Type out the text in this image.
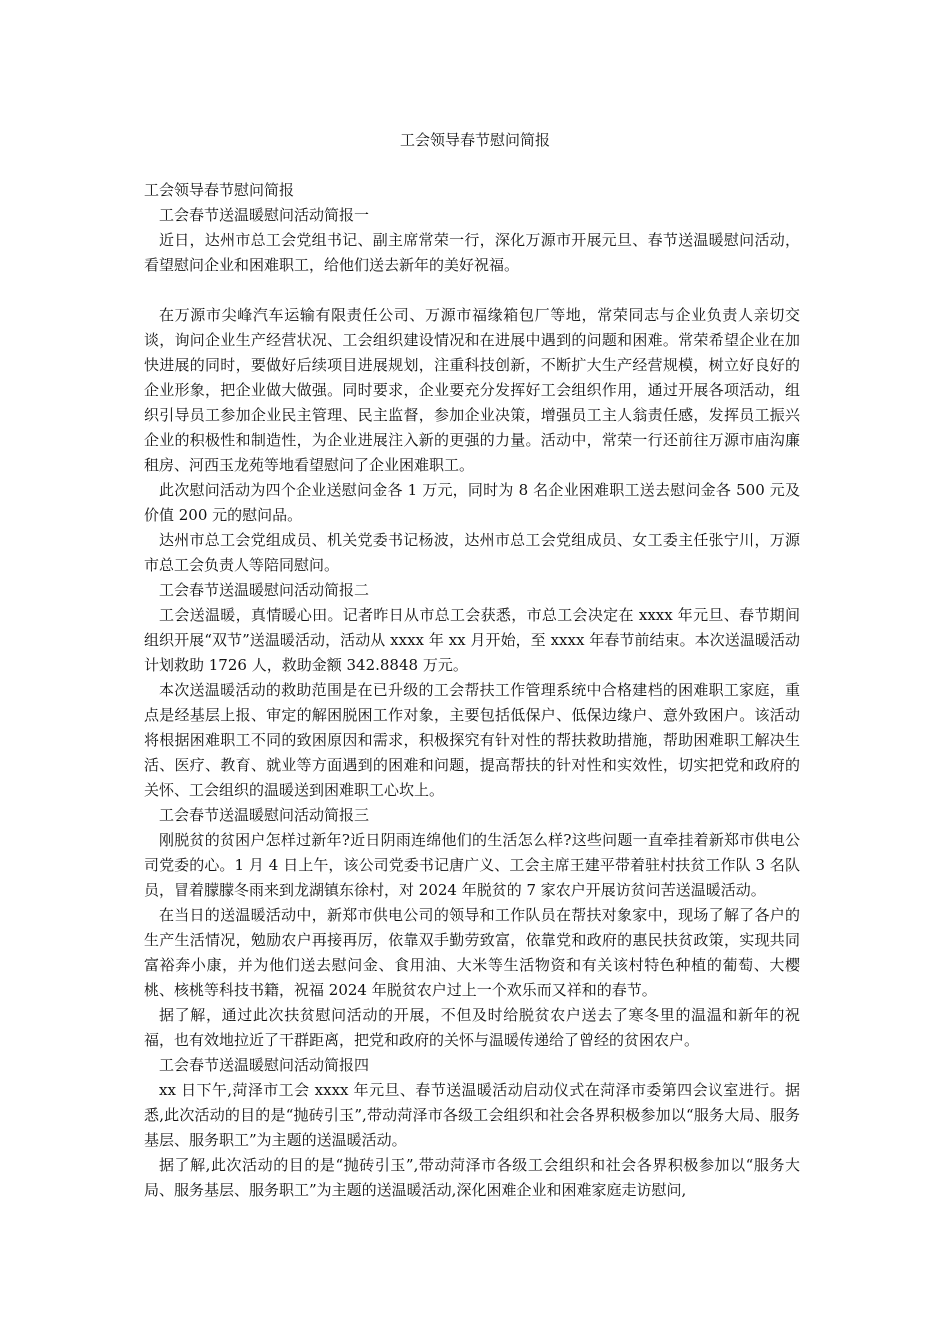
工会领导春节慰问简报

工会领导春节慰问简报

工会春节送温暖慰问活动简报一

近日，达州市总工会党组书记、副主席常荣一行，深化万源市开展元旦、春节送温暖慰问活动，看望慰问企业和困难职工，给他们送去新年的美好祝福。

在万源市尖峰汽车运输有限责任公司、万源市福缘箱包厂等地，常荣同志与企业负责人亲切交谈，询问企业生产经营状况、工会组织建设情况和在进展中遇到的问题和困难。常荣希望企业在加快进展的同时，要做好后续项目进展规划，注重科技创新，不断扩大生产经营规模，树立好良好的企业形象，把企业做大做强。同时要求，企业要充分发挥好工会组织作用，通过开展各项活动，组织引导员工参加企业民主管理、民主监督，参加企业决策，增强员工主人翁责任感，发挥员工振兴企业的积极性和制造性，为企业进展注入新的更强的力量。活动中，常荣一行还前往万源市庙沟廉租房、河西玉龙苑等地看望慰问了企业困难职工。

此次慰问活动为四个企业送慰问金各 1 万元，同时为 8 名企业困难职工送去慰问金各 500 元及价值 200 元的慰问品。

达州市总工会党组成员、机关党委书记杨波，达州市总工会党组成员、女工委主任张宁川，万源市总工会负责人等陪同慰问。

工会春节送温暖慰问活动简报二

工会送温暖，真情暖心田。记者昨日从市总工会获悉，市总工会决定在 xxxx 年元旦、春节期间组织开展“双节”送温暖活动，活动从 xxxx 年 xx 月开始，至 xxxx 年春节前结束。本次送温暖活动计划救助 1726 人，救助金额 342.8848 万元。

本次送温暖活动的救助范围是在已升级的工会帮扶工作管理系统中合格建档的困难职工家庭，重点是经基层上报、审定的解困脱困工作对象，主要包括低保户、低保边缘户、意外致困户。该活动将根据困难职工不同的致困原因和需求，积极探究有针对性的帮扶救助措施，帮助困难职工解决生活、医疗、教育、就业等方面遇到的困难和问题，提高帮扶的针对性和实效性，切实把党和政府的关怀、工会组织的温暖送到困难职工心坎上。

工会春节送温暖慰问活动简报三

刚脱贫的贫困户怎样过新年?近日阴雨连绵他们的生活怎么样?这些问题一直牵挂着新郑市供电公司党委的心。1 月 4 日上午，该公司党委书记唐广义、工会主席王建平带着驻村扶贫工作队 3 名队员，冒着朦朦冬雨来到龙湖镇东徐村，对 2024 年脱贫的 7 家农户开展访贫问苦送温暖活动。

在当日的送温暖活动中，新郑市供电公司的领导和工作队员在帮扶对象家中，现场了解了各户的生产生活情况，勉励农户再接再厉，依靠双手勤劳致富，依靠党和政府的惠民扶贫政策，实现共同富裕奔小康，并为他们送去慰问金、食用油、大米等生活物资和有关该村特色种植的葡萄、大樱桃、核桃等科技书籍，祝福 2024 年脱贫农户过上一个欢乐而又祥和的春节。

据了解，通过此次扶贫慰问活动的开展，不但及时给脱贫农户送去了寒冬里的温温和新年的祝福，也有效地拉近了干群距离，把党和政府的关怀与温暖传递给了曾经的贫困农户。

工会春节送温暖慰问活动简报四

xx 日下午,菏泽市工会 xxxx 年元旦、春节送温暖活动启动仪式在菏泽市委第四会议室进行。据悉,此次活动的目的是“抛砖引玉”,带动菏泽市各级工会组织和社会各界积极参加以“服务大局、服务基层、服务职工”为主题的送温暖活动。

据了解,此次活动的目的是“抛砖引玉”,带动菏泽市各级工会组织和社会各界积极参加以“服务大局、服务基层、服务职工”为主题的送温暖活动,深化困难企业和困难家庭走访慰问,
